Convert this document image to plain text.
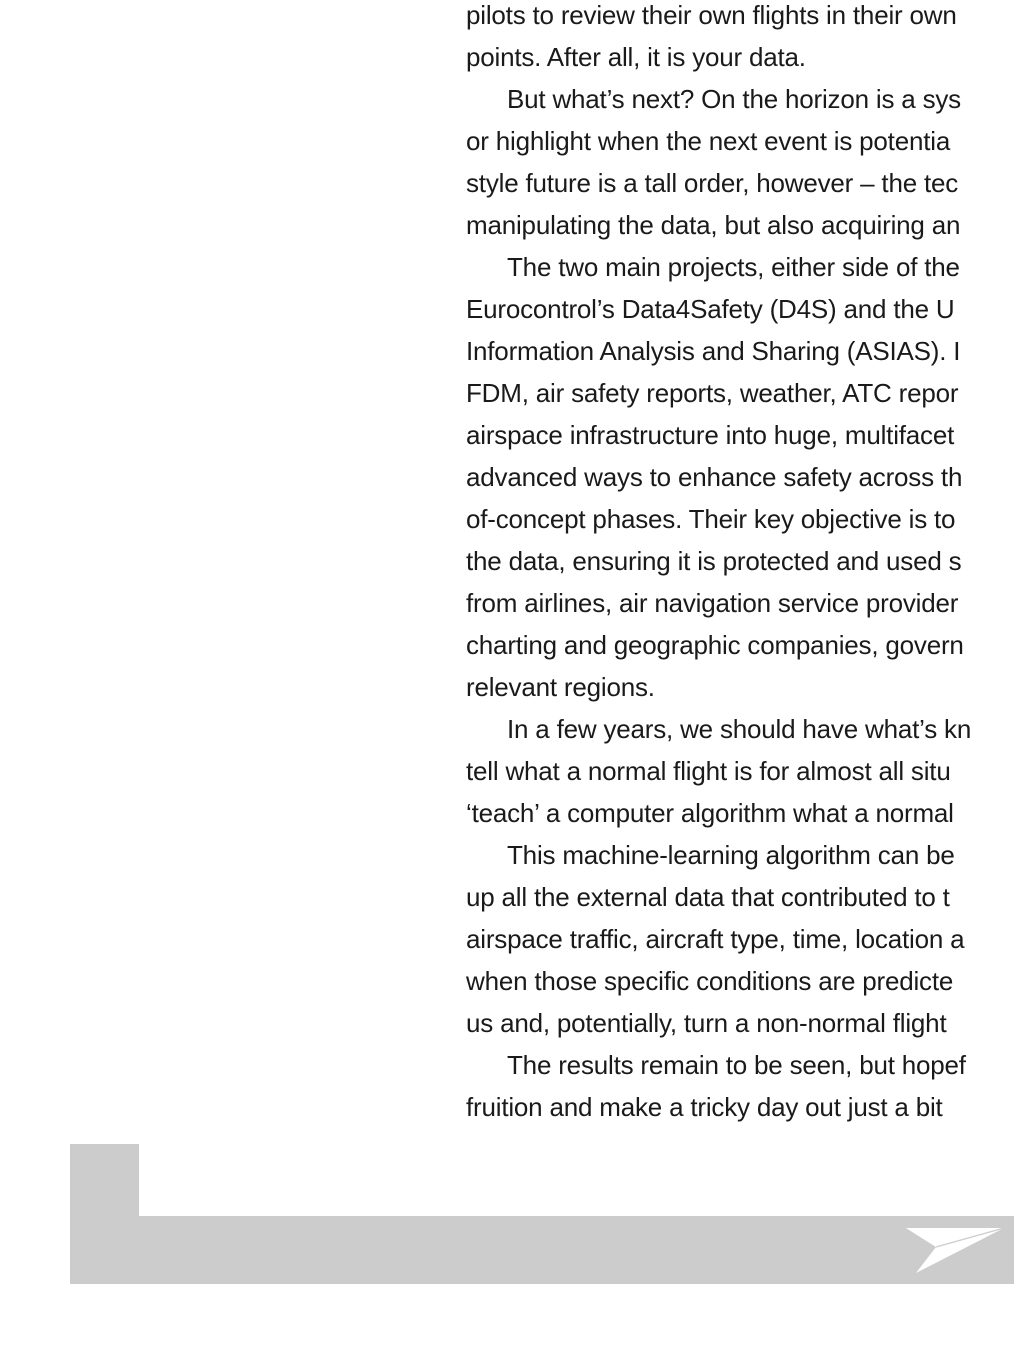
pilots to review their own flights in their own
points. After all, it is your data.
But what’s next? On the horizon is a sys
or highlight when the next event is potentia
style future is a tall order, however – the tec
manipulating the data, but also acquiring an
The two main projects, either side of the
Eurocontrol’s Data4Safety (D4S) and the U
Information Analysis and Sharing (ASIAS). I
FDM, air safety reports, weather, ATC repor
airspace infrastructure into huge, multifacet
advanced ways to enhance safety across th
of-concept phases. Their key objective is to
the data, ensuring it is protected and used s
from airlines, air navigation service provider
charting and geographic companies, govern
relevant regions.
In a few years, we should have what’s kn
tell what a normal flight is for almost all situ
‘teach’ a computer algorithm what a normal
This machine-learning algorithm can be
up all the external data that contributed to t
airspace traffic, aircraft type, time, location a
when those specific conditions are predicte
us and, potentially, turn a non-normal flight
The results remain to be seen, but hopef
fruition and make a tricky day out just a bit
